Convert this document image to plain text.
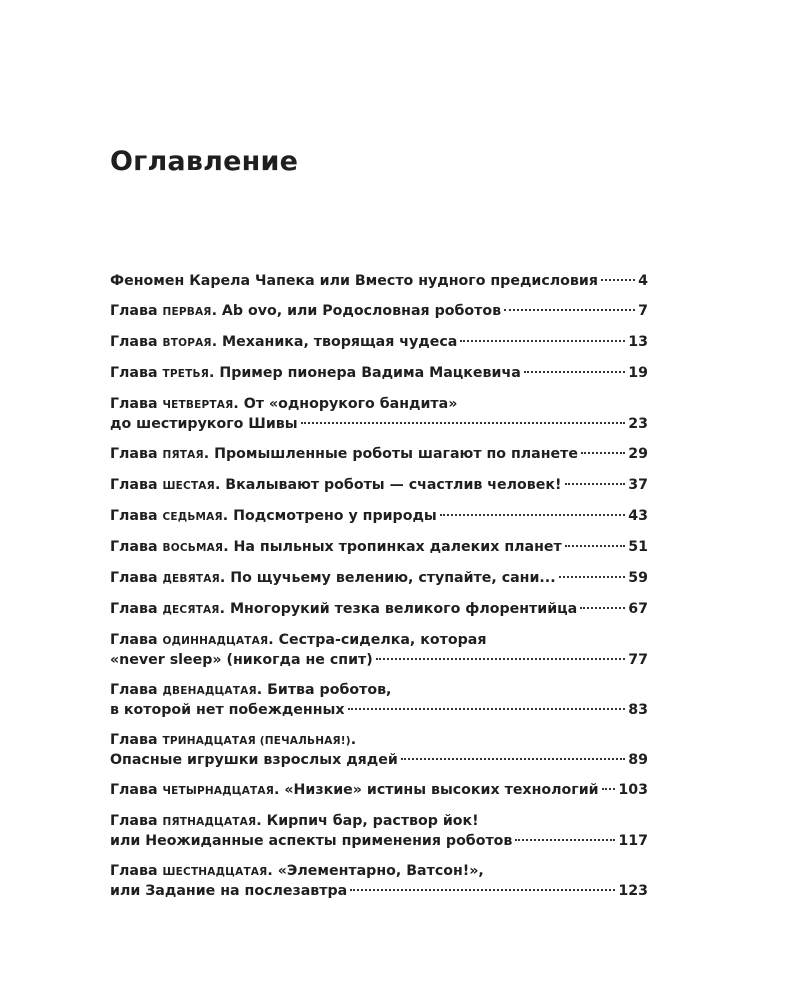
Оглавление
Феномен Карела Чапека или Вместо нудного предисловия	4
Глава ПЕРВАЯ. Ab ovo, или Родословная роботов	7
Глава ВТОРАЯ. Механика, творящая чудеса	13
Глава ТРЕТЬЯ. Пример пионера Вадима Мацкевича	19
Глава ЧЕТВЕРТАЯ. От «однорукого бандита»
до шестирукого Шивы	23
Глава ПЯТАЯ. Промышленные роботы шагают по планете	29
Глава ШЕСТАЯ. Вкалывают роботы — счастлив человек!	37
Глава СЕДЬМАЯ. Подсмотрено у природы	43
Глава ВОСЬМАЯ. На пыльных тропинках далеких планет	51
Глава ДЕВЯТАЯ. По щучьему велению, ступайте, сани...	59
Глава ДЕСЯТАЯ. Многорукий тезка великого флорентийца	67
Глава ОДИННАДЦАТАЯ. Сестра-сиделка, которая
«never sleep» (никогда не спит)	77
Глава ДВЕНАДЦАТАЯ. Битва роботов,
в которой нет побежденных	83
Глава ТРИНАДЦАТАЯ (ПЕЧАЛЬНАЯ!).
Опасные игрушки взрослых дядей	89
Глава ЧЕТЫРНАДЦАТАЯ. «Низкие» истины высоких технологий 103
Глава ПЯТНАДЦАТАЯ. Кирпич бар, раствор йок!
или Неожиданные аспекты применения роботов	117
Глава ШЕСТНАДЦАТАЯ. «Элементарно, Ватсон!»,
или Задание на послезавтра	123
